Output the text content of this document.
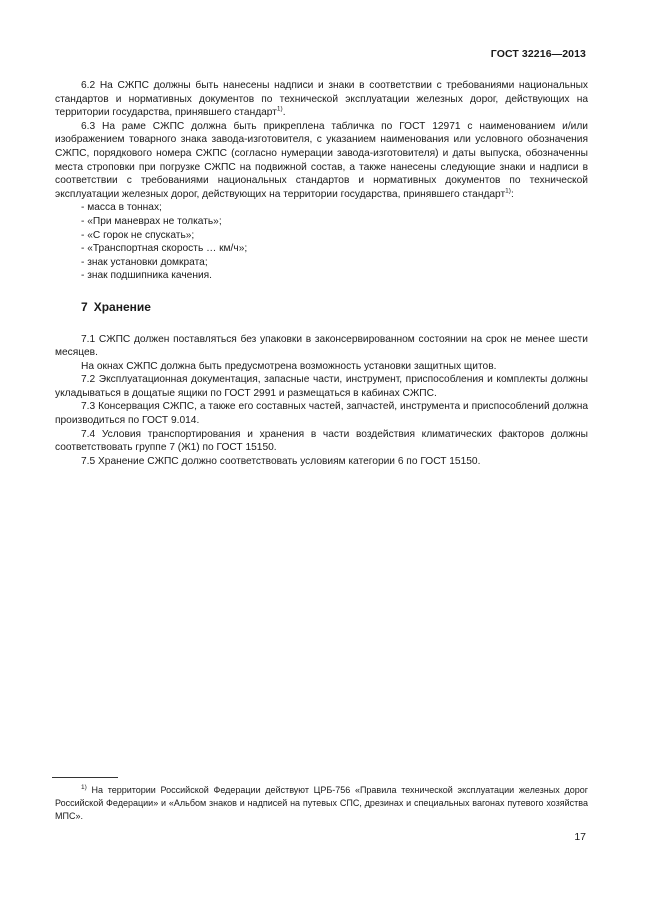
ГОСТ 32216—2013

6.2 На СЖПС должны быть нанесены надписи и знаки в соответствии с требованиями национальных стандартов и нормативных документов по технической эксплуатации железных дорог, действующих на территории государства, принявшего стандарт$^{1)}$.

6.3 На раме СЖПС должна быть прикреплена табличка по ГОСТ 12971 с наименованием и/или изображением товарного знака завода-изготовителя, с указанием наименования или условного обозначения СЖПС, порядкового номера СЖПС (согласно нумерации завода-изготовителя) и даты выпуска, обозначенны места строповки при погрузке СЖПС на подвижной состав, а также нанесены следующие знаки и надписи в соответствии с требованиями национальных стандартов и нормативных документов по технической эксплуатации железных дорог, действующих на территории государства, принявшего стандарт$^{1)}$:

- масса в тоннах;

- «При маневрах не толкать»;

- «С горок не спускать»;

- «Транспортная скорость … км/ч»;

- знак установки домкрата;

- знак подшипника качения.

7 Хранение

7.1 СЖПС должен поставляться без упаковки в законсервированном состоянии на срок не менее шести месяцев.

На окнах СЖПС должна быть предусмотрена возможность установки защитных щитов.

7.2 Эксплуатационная документация, запасные части, инструмент, приспособления и комплекты должны укладываться в дощатые ящики по ГОСТ 2991 и размещаться в кабинах СЖПС.

7.3 Консервация СЖПС, а также его составных частей, запчастей, инструмента и приспособлений должна производиться по ГОСТ 9.014.

7.4 Условия транспортирования и хранения в части воздействия климатических факторов должны соответствовать группе 7 (Ж1) по ГОСТ 15150.

7.5 Хранение СЖПС должно соответствовать условиям категории 6 по ГОСТ 15150.

$^{1)}$ На территории Российской Федерации действуют ЦРБ-756 «Правила технической эксплуатации железных дорог Российской Федерации» и «Альбом знаков и надписей на путевых СПС, дрезинах и специальных вагонах путевого хозяйства МПС».

17
